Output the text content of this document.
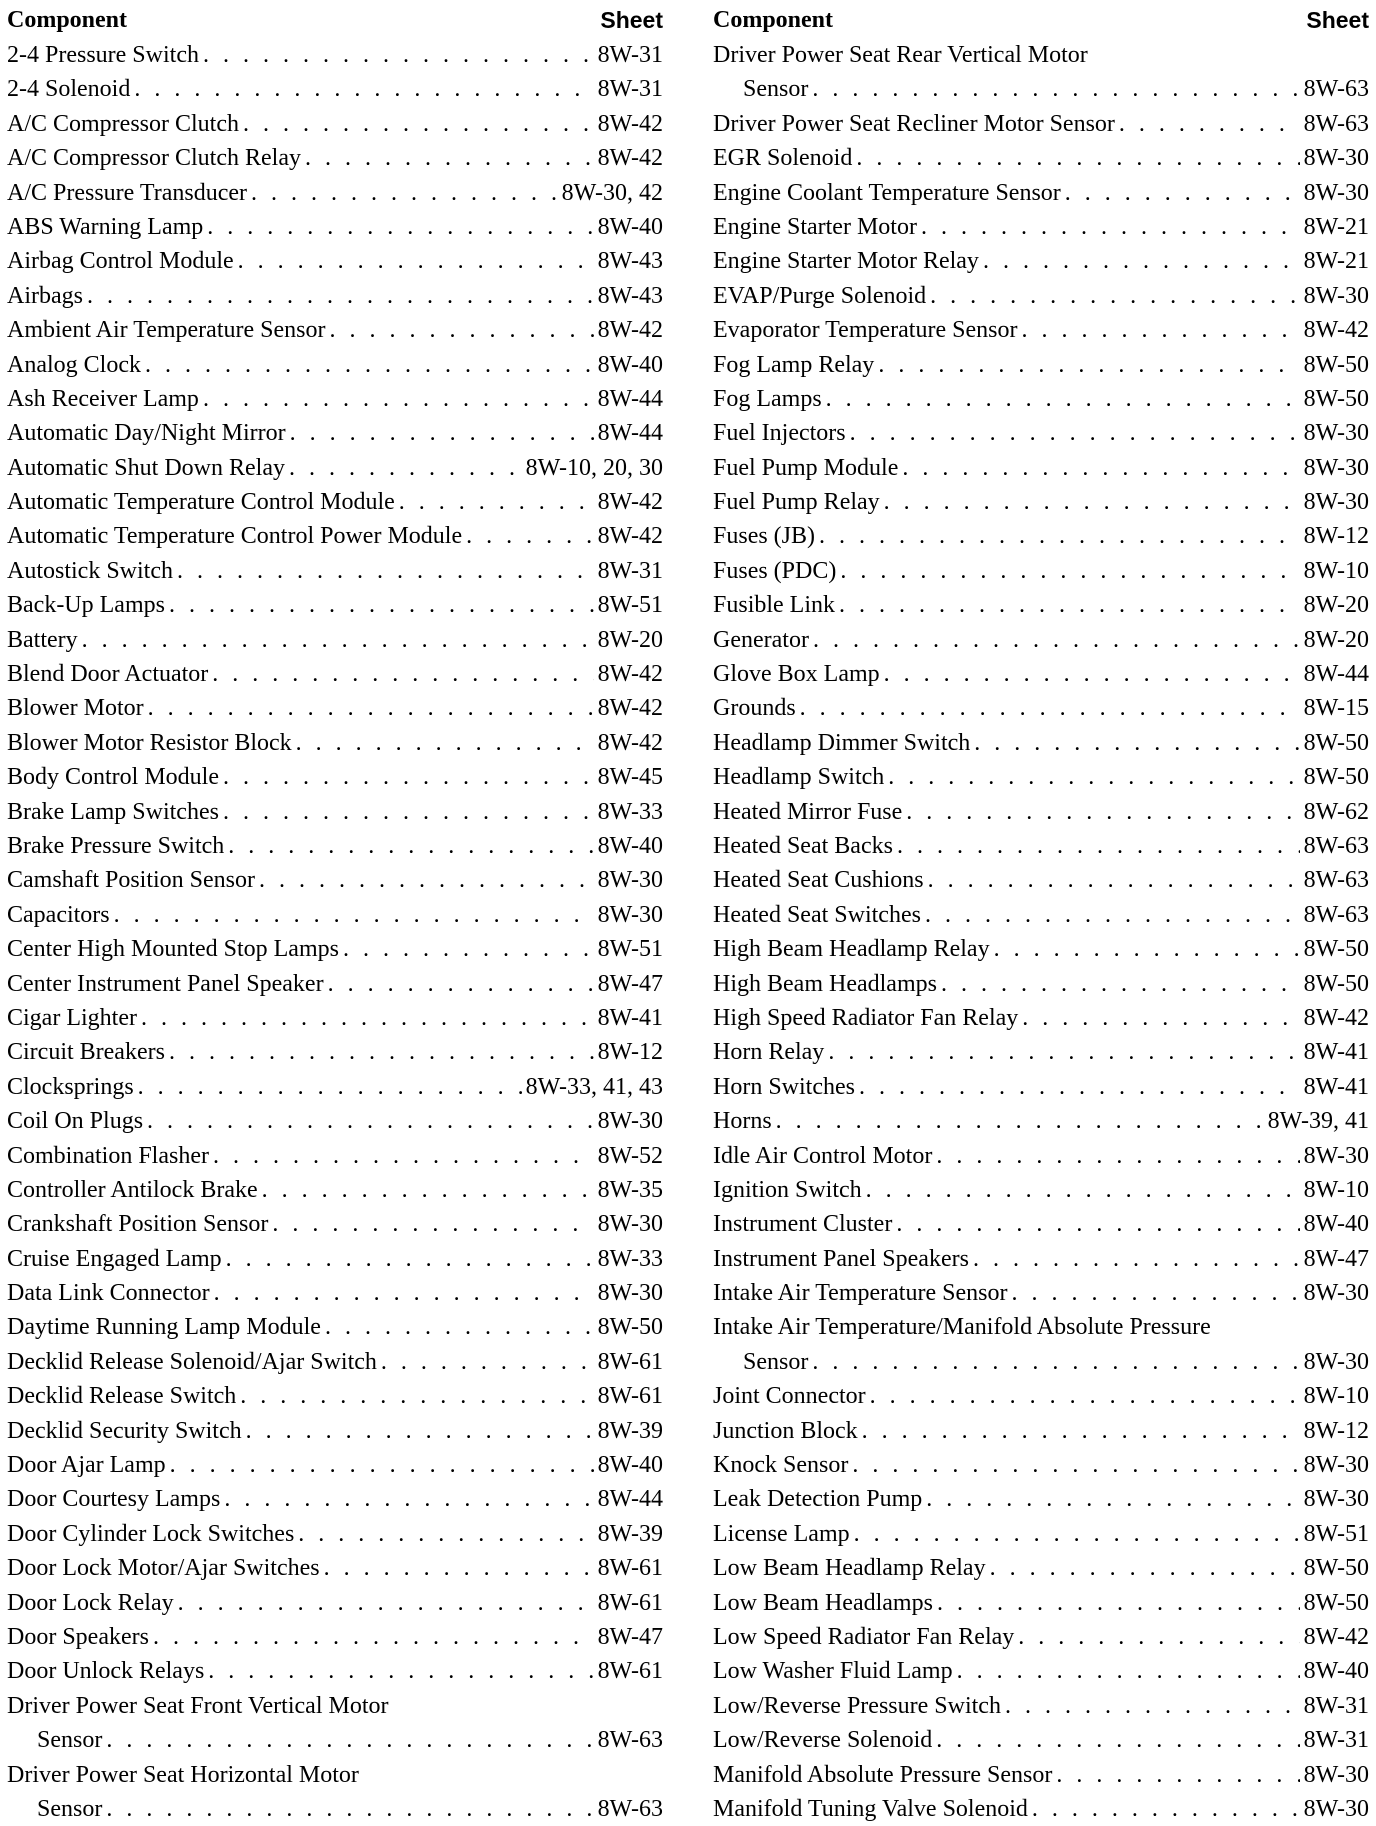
Component	Sheet
2-4 Pressure Switch . . .	8W-31
2-4 Solenoid . . .	8W-31
A/C Compressor Clutch . . .	8W-42
A/C Compressor Clutch Relay . . .	8W-42
A/C Pressure Transducer . . .	8W-30, 42
ABS Warning Lamp . . .	8W-40
Airbag Control Module . . .	8W-43
Airbags . . .	8W-43
Ambient Air Temperature Sensor . . .	8W-42
Analog Clock . . .	8W-40
Ash Receiver Lamp . . .	8W-44
Automatic Day/Night Mirror . . .	8W-44
Automatic Shut Down Relay . . .	8W-10, 20, 30
Automatic Temperature Control Module . . .	8W-42
Automatic Temperature Control Power Module . . .	8W-42
Autostick Switch . . .	8W-31
Back-Up Lamps . . .	8W-51
Battery . . .	8W-20
Blend Door Actuator . . .	8W-42
Blower Motor . . .	8W-42
Blower Motor Resistor Block . . .	8W-42
Body Control Module . . .	8W-45
Brake Lamp Switches . . .	8W-33
Brake Pressure Switch . . .	8W-40
Camshaft Position Sensor . . .	8W-30
Capacitors . . .	8W-30
Center High Mounted Stop Lamps . . .	8W-51
Center Instrument Panel Speaker . . .	8W-47
Cigar Lighter . . .	8W-41
Circuit Breakers . . .	8W-12
Clocksprings . . .	8W-33, 41, 43
Coil On Plugs . . .	8W-30
Combination Flasher . . .	8W-52
Controller Antilock Brake . . .	8W-35
Crankshaft Position Sensor . . .	8W-30
Cruise Engaged Lamp . . .	8W-33
Data Link Connector . . .	8W-30
Daytime Running Lamp Module . . .	8W-50
Decklid Release Solenoid/Ajar Switch . . .	8W-61
Decklid Release Switch . . .	8W-61
Decklid Security Switch . . .	8W-39
Door Ajar Lamp . . .	8W-40
Door Courtesy Lamps . . .	8W-44
Door Cylinder Lock Switches . . .	8W-39
Door Lock Motor/Ajar Switches . . .	8W-61
Door Lock Relay . . .	8W-61
Door Speakers . . .	8W-47
Door Unlock Relays . . .	8W-61
Driver Power Seat Front Vertical Motor
Sensor . . .	8W-63
Driver Power Seat Horizontal Motor
Sensor . . .	8W-63
Component	Sheet
Driver Power Seat Rear Vertical Motor
Sensor . . .	8W-63
Driver Power Seat Recliner Motor Sensor . . .	8W-63
EGR Solenoid . . .	8W-30
Engine Coolant Temperature Sensor . . .	8W-30
Engine Starter Motor . . .	8W-21
Engine Starter Motor Relay . . .	8W-21
EVAP/Purge Solenoid . . .	8W-30
Evaporator Temperature Sensor . . .	8W-42
Fog Lamp Relay . . .	8W-50
Fog Lamps . . .	8W-50
Fuel Injectors . . .	8W-30
Fuel Pump Module . . .	8W-30
Fuel Pump Relay . . .	8W-30
Fuses (JB) . . .	8W-12
Fuses (PDC) . . .	8W-10
Fusible Link . . .	8W-20
Generator . . .	8W-20
Glove Box Lamp . . .	8W-44
Grounds . . .	8W-15
Headlamp Dimmer Switch . . .	8W-50
Headlamp Switch . . .	8W-50
Heated Mirror Fuse . . .	8W-62
Heated Seat Backs . . .	8W-63
Heated Seat Cushions . . .	8W-63
Heated Seat Switches . . .	8W-63
High Beam Headlamp Relay . . .	8W-50
High Beam Headlamps . . .	8W-50
High Speed Radiator Fan Relay . . .	8W-42
Horn Relay . . .	8W-41
Horn Switches . . .	8W-41
Horns . . .	8W-39, 41
Idle Air Control Motor . . .	8W-30
Ignition Switch . . .	8W-10
Instrument Cluster . . .	8W-40
Instrument Panel Speakers . . .	8W-47
Intake Air Temperature Sensor . . .	8W-30
Intake Air Temperature/Manifold Absolute Pressure
Sensor . . .	8W-30
Joint Connector . . .	8W-10
Junction Block . . .	8W-12
Knock Sensor . . .	8W-30
Leak Detection Pump . . .	8W-30
License Lamp . . .	8W-51
Low Beam Headlamp Relay . . .	8W-50
Low Beam Headlamps . . .	8W-50
Low Speed Radiator Fan Relay . . .	8W-42
Low Washer Fluid Lamp . . .	8W-40
Low/Reverse Pressure Switch . . .	8W-31
Low/Reverse Solenoid . . .	8W-31
Manifold Absolute Pressure Sensor . . .	8W-30
Manifold Tuning Valve Solenoid . . .	8W-30
